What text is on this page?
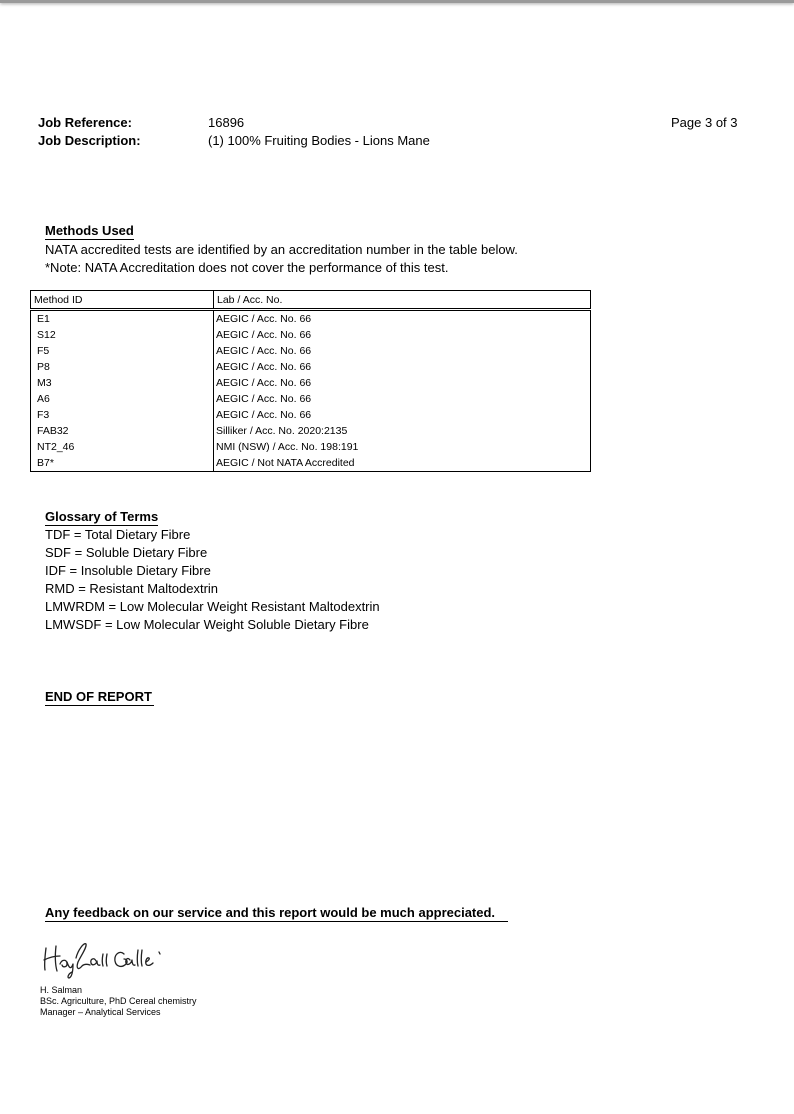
Job Reference:	16896
Job Description:	(1) 100% Fruiting Bodies - Lions Mane
Page 3 of 3
Methods Used
NATA accredited tests are identified by an accreditation number in the table below.
*Note: NATA Accreditation does not cover the performance of this test.
Method ID	Lab / Acc. No.
E1	AEGIC / Acc. No. 66
S12	AEGIC / Acc. No. 66
F5	AEGIC / Acc. No. 66
P8	AEGIC / Acc. No. 66
M3	AEGIC / Acc. No. 66
A6	AEGIC / Acc. No. 66
F3	AEGIC / Acc. No. 66
FAB32	Silliker / Acc. No. 2020:2135
NT2_46	NMI (NSW) / Acc. No. 198:191
B7*	AEGIC / Not NATA Accredited
Glossary of Terms
TDF = Total Dietary Fibre
SDF = Soluble Dietary Fibre
IDF = Insoluble Dietary Fibre
RMD = Resistant Maltodextrin
LMWRDM = Low Molecular Weight Resistant Maltodextrin
LMWSDF = Low Molecular Weight Soluble Dietary Fibre
END OF REPORT
Any feedback on our service and this report would be much appreciated.
H. Salman
BSc. Agriculture, PhD Cereal chemistry
Manager – Analytical Services
